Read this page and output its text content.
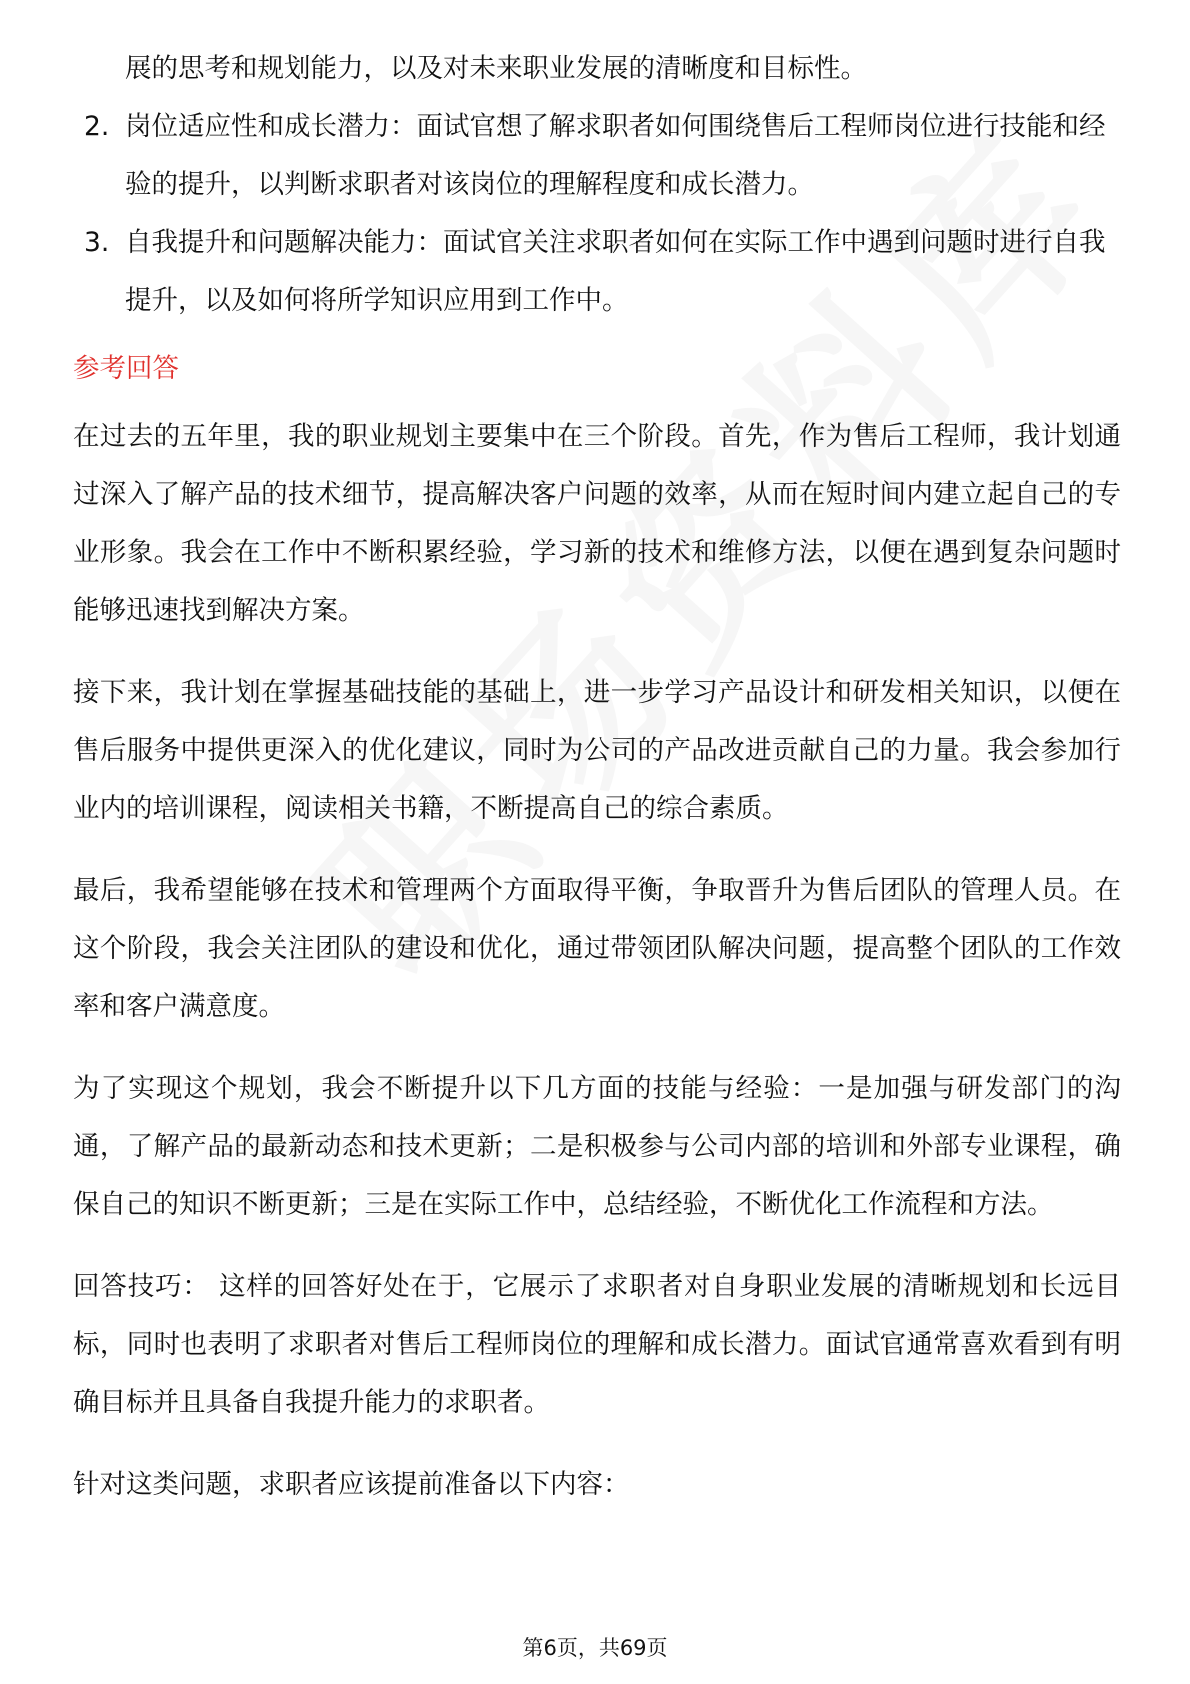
展的思考和规划能力，以及对未来职业发展的清晰度和目标性。
2. 岗位适应性和成长潜力：面试官想了解求职者如何围绕售后工程师岗位进行技能和经验的提升，以判断求职者对该岗位的理解程度和成长潜力。
3. 自我提升和问题解决能力：面试官关注求职者如何在实际工作中遇到问题时进行自我提升，以及如何将所学知识应用到工作中。
参考回答

在过去的五年里，我的职业规划主要集中在三个阶段。首先，作为售后工程师，我计划通过深入了解产品的技术细节，提高解决客户问题的效率，从而在短时间内建立起自己的专业形象。我会在工作中不断积累经验，学习新的技术和维修方法，以便在遇到复杂问题时能够迅速找到解决方案。

接下来，我计划在掌握基础技能的基础上，进一步学习产品设计和研发相关知识，以便在售后服务中提供更深入的优化建议，同时为公司的产品改进贡献自己的力量。我会参加行业内的培训课程，阅读相关书籍，不断提高自己的综合素质。

最后，我希望能够在技术和管理两个方面取得平衡，争取晋升为售后团队的管理人员。在这个阶段，我会关注团队的建设和优化，通过带领团队解决问题，提高整个团队的工作效率和客户满意度。

为了实现这个规划，我会不断提升以下几方面的技能与经验：一是加强与研发部门的沟通，了解产品的最新动态和技术更新；二是积极参与公司内部的培训和外部专业课程，确保自己的知识不断更新；三是在实际工作中，总结经验，不断优化工作流程和方法。

回答技巧： 这样的回答好处在于，它展示了求职者对自身职业发展的清晰规划和长远目标，同时也表明了求职者对售后工程师岗位的理解和成长潜力。面试官通常喜欢看到有明确目标并且具备自我提升能力的求职者。

针对这类问题，求职者应该提前准备以下内容：

第6页，共69页
